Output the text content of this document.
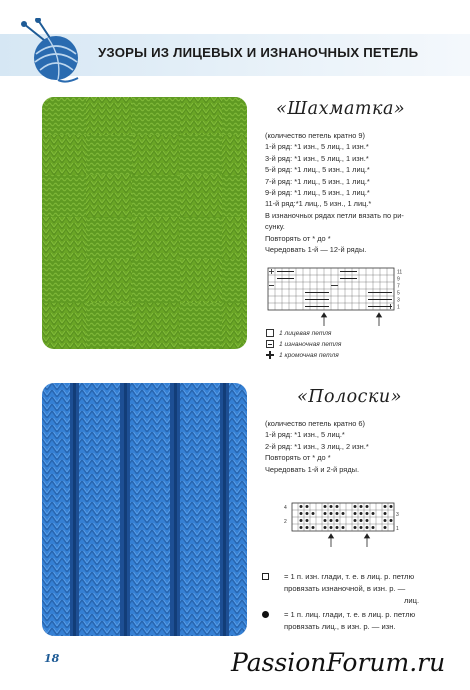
УЗОРЫ ИЗ ЛИЦЕВЫХ И ИЗНАНОЧНЫХ ПЕТЕЛЬ
«Шахматка»
(количество петель кратно 9)
1-й ряд: *1 изн., 5 лиц., 1 изн.*
3-й ряд: *1 изн., 5 лиц., 1 изн.*
5-й ряд: *1 лиц., 5 изн., 1 лиц.*
7-й ряд: *1 лиц., 5 изн., 1 лиц.*
9-й ряд: *1 лиц., 5 изн., 1 лиц.*
11-й ряд:*1 лиц., 5 изн., 1 лиц.*
В изнаночных рядах петли вязать по ри-
сунку.
Повторять от * до *
Чередовать 1-й — 12-й ряды.
11
9
7
5
3
1
1 лицевая петля
1 изнаночная петля
1 кромочная петля
«Полоски»
(количество петель кратно 6)
1-й ряд: *1 изн., 5 лиц.*
2-й ряд: *1 изн., 3 лиц., 2 изн.*
Повторять от * до *
Чередовать 1-й и 2-й ряды.
4
3
2
1
= 1 п. изн. глади, т. е. в лиц. р. петлю
провязать изнаночной, в изн. р. —
лиц.
= 1 п. лиц. глади, т. е. в лиц. р. петлю
провязать лиц., в изн. р. — изн.
18	PassionForum.ru
